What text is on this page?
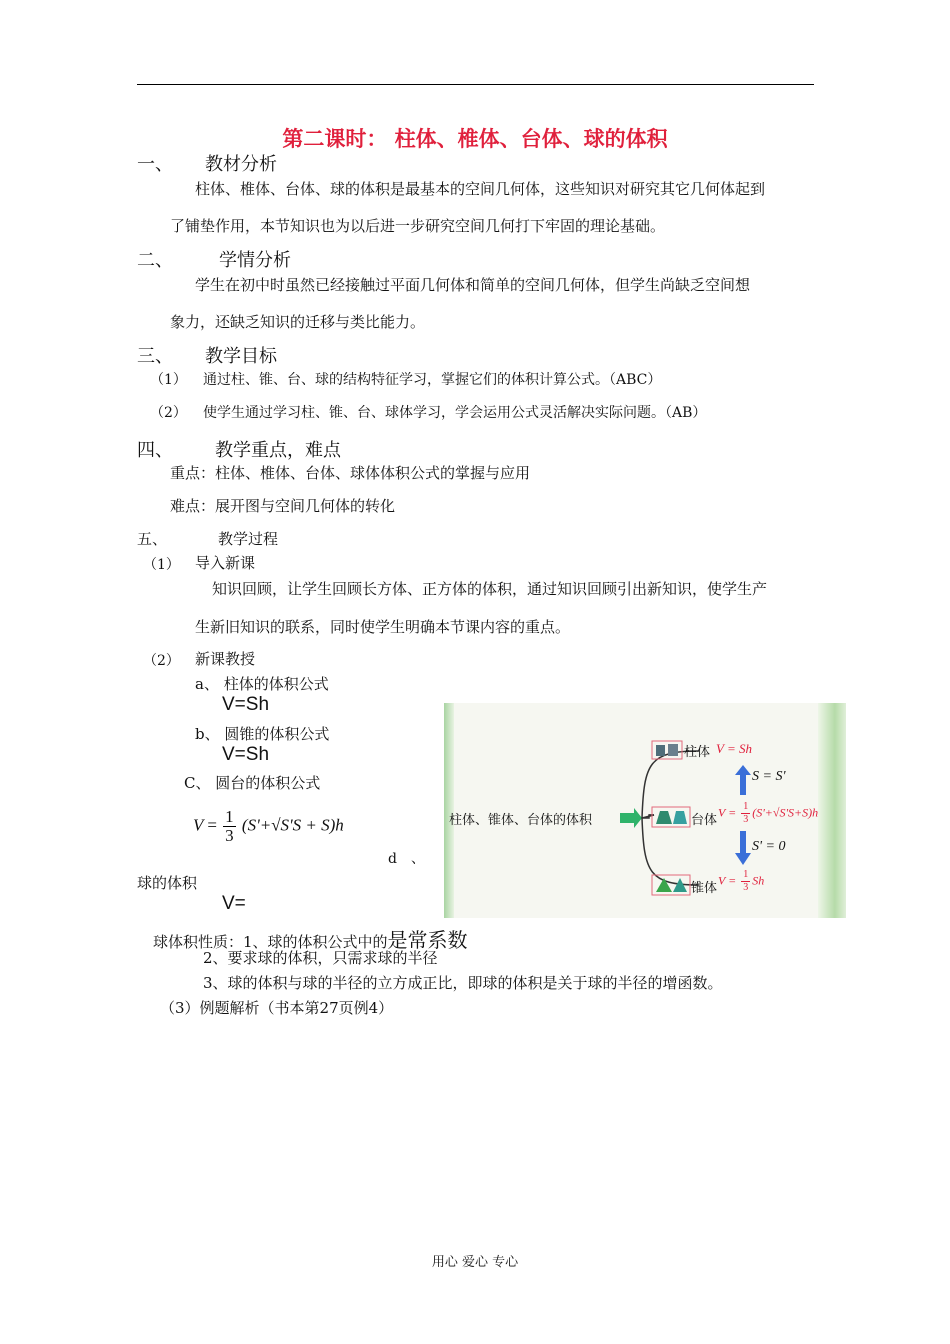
第二课时： 柱体、椎体、台体、球的体积
一、 教材分析
柱体、椎体、台体、球的体积是最基本的空间几何体，这些知识对研究其它几何体起到
了铺垫作用，本节知识也为以后进一步研究空间几何打下牢固的理论基础。
二、	学情分析
学生在初中时虽然已经接触过平面几何体和简单的空间几何体，但学生尚缺乏空间想
象力，还缺乏知识的迁移与类比能力。
三、 教学目标
（1） 通过柱、锥、台、球的结构特征学习，掌握它们的体积计算公式。（ABC）
（2） 使学生通过学习柱、锥、台、球体学习，学会运用公式灵活解决实际问题。（AB）
四、 教学重点，难点
重点：柱体、椎体、台体、球体体积公式的掌握与应用
难点：展开图与空间几何体的转化
五、	教学过程
（1） 导入新课
知识回顾，让学生回顾长方体、正方体的体积，通过知识回顾引出新知识，使学生产
生新旧知识的联系，同时使学生明确本节课内容的重点。
（2） 新课教授
a、 柱体的体积公式
V=Sh
b、 圆锥的体积公式
V=Sh
C、 圆台的体积公式
$V = \frac{1}{3} (S'+√S'S + S)h$
d　、
球的体积
V=
球体积性质：1、球的体积公式中的是常系数
2、要求球的体积，只需求球的半径
3、球的体积与球的半径的立方成正比，即球的体积是关于球的半径的增函数。
（3）例题解析（书本第27页例4）
柱体、锥体、台体的体积
柱体 V = Sh
S = S'
台体
$V = \frac{1}{3} (S'+√S'S+S)h$
S' = 0
锥体
$V = \frac{1}{3}$ Sh
用心 爱心 专心
